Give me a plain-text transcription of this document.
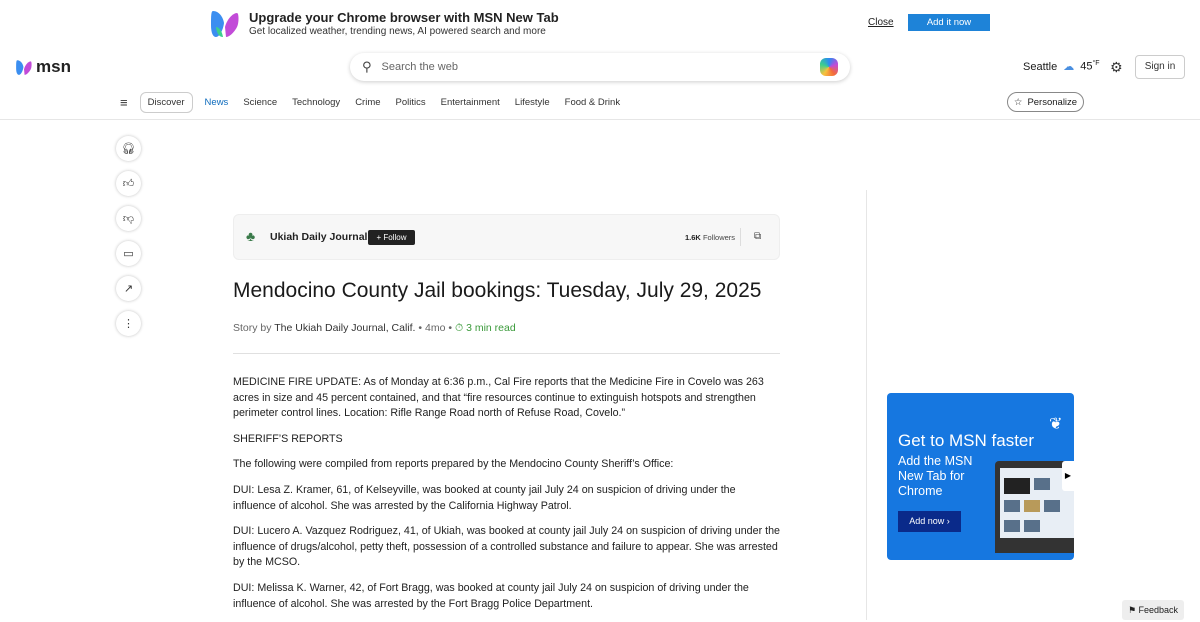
Upgrade your Chrome browser with MSN New Tab
Get localized weather, trending news, AI powered search and more
Close	Add it now
msn	⚲
Search the web	Seattle ☁ $45^{^\circ F}$ ⚙	Sign in
≡	Discover	News Science Technology Crime Politics Entertainment Lifestyle Food & Drink	☆ Personalize
🎧︎
👍︎
👎︎
▭
↗
⋮
♣ Ukiah Daily Journal	+ Follow	1.6K Followers ⧉
Mendocino County Jail bookings: Tuesday, July 29, 2025
Story by The Ukiah Daily Journal, Calif. • 4mo • ⏱ 3 min read

MEDICINE FIRE UPDATE: As of Monday at 6:36 p.m., Cal Fire reports that the Medicine Fire in Covelo was 263 acres in size and 45 percent contained, and that “fire resources continue to extinguish hotspots and strengthen perimeter control lines. Location: Rifle Range Road north of Refuse Road, Covelo.”

SHERIFF’S REPORTS

The following were compiled from reports prepared by the Mendocino County Sheriff’s Office:

DUI: Lesa Z. Kramer, 61, of Kelseyville, was booked at county jail July 24 on suspicion of driving under the influence of alcohol. She was arrested by the California Highway Patrol.

DUI: Lucero A. Vazquez Rodriguez, 41, of Ukiah, was booked at county jail July 24 on suspicion of driving under the influence of drugs/alcohol, petty theft, possession of a controlled substance and failure to appear. She was arrested by the MCSO.

DUI: Melissa K. Warner, 42, of Fort Bragg, was booked at county jail July 24 on suspicion of driving under the influence of alcohol. She was arrested by the Fort Bragg Police Department.

❦
Get to MSN faster
Add the MSN New Tab for Chrome
Add now ›
▶
⚑ Feedback
